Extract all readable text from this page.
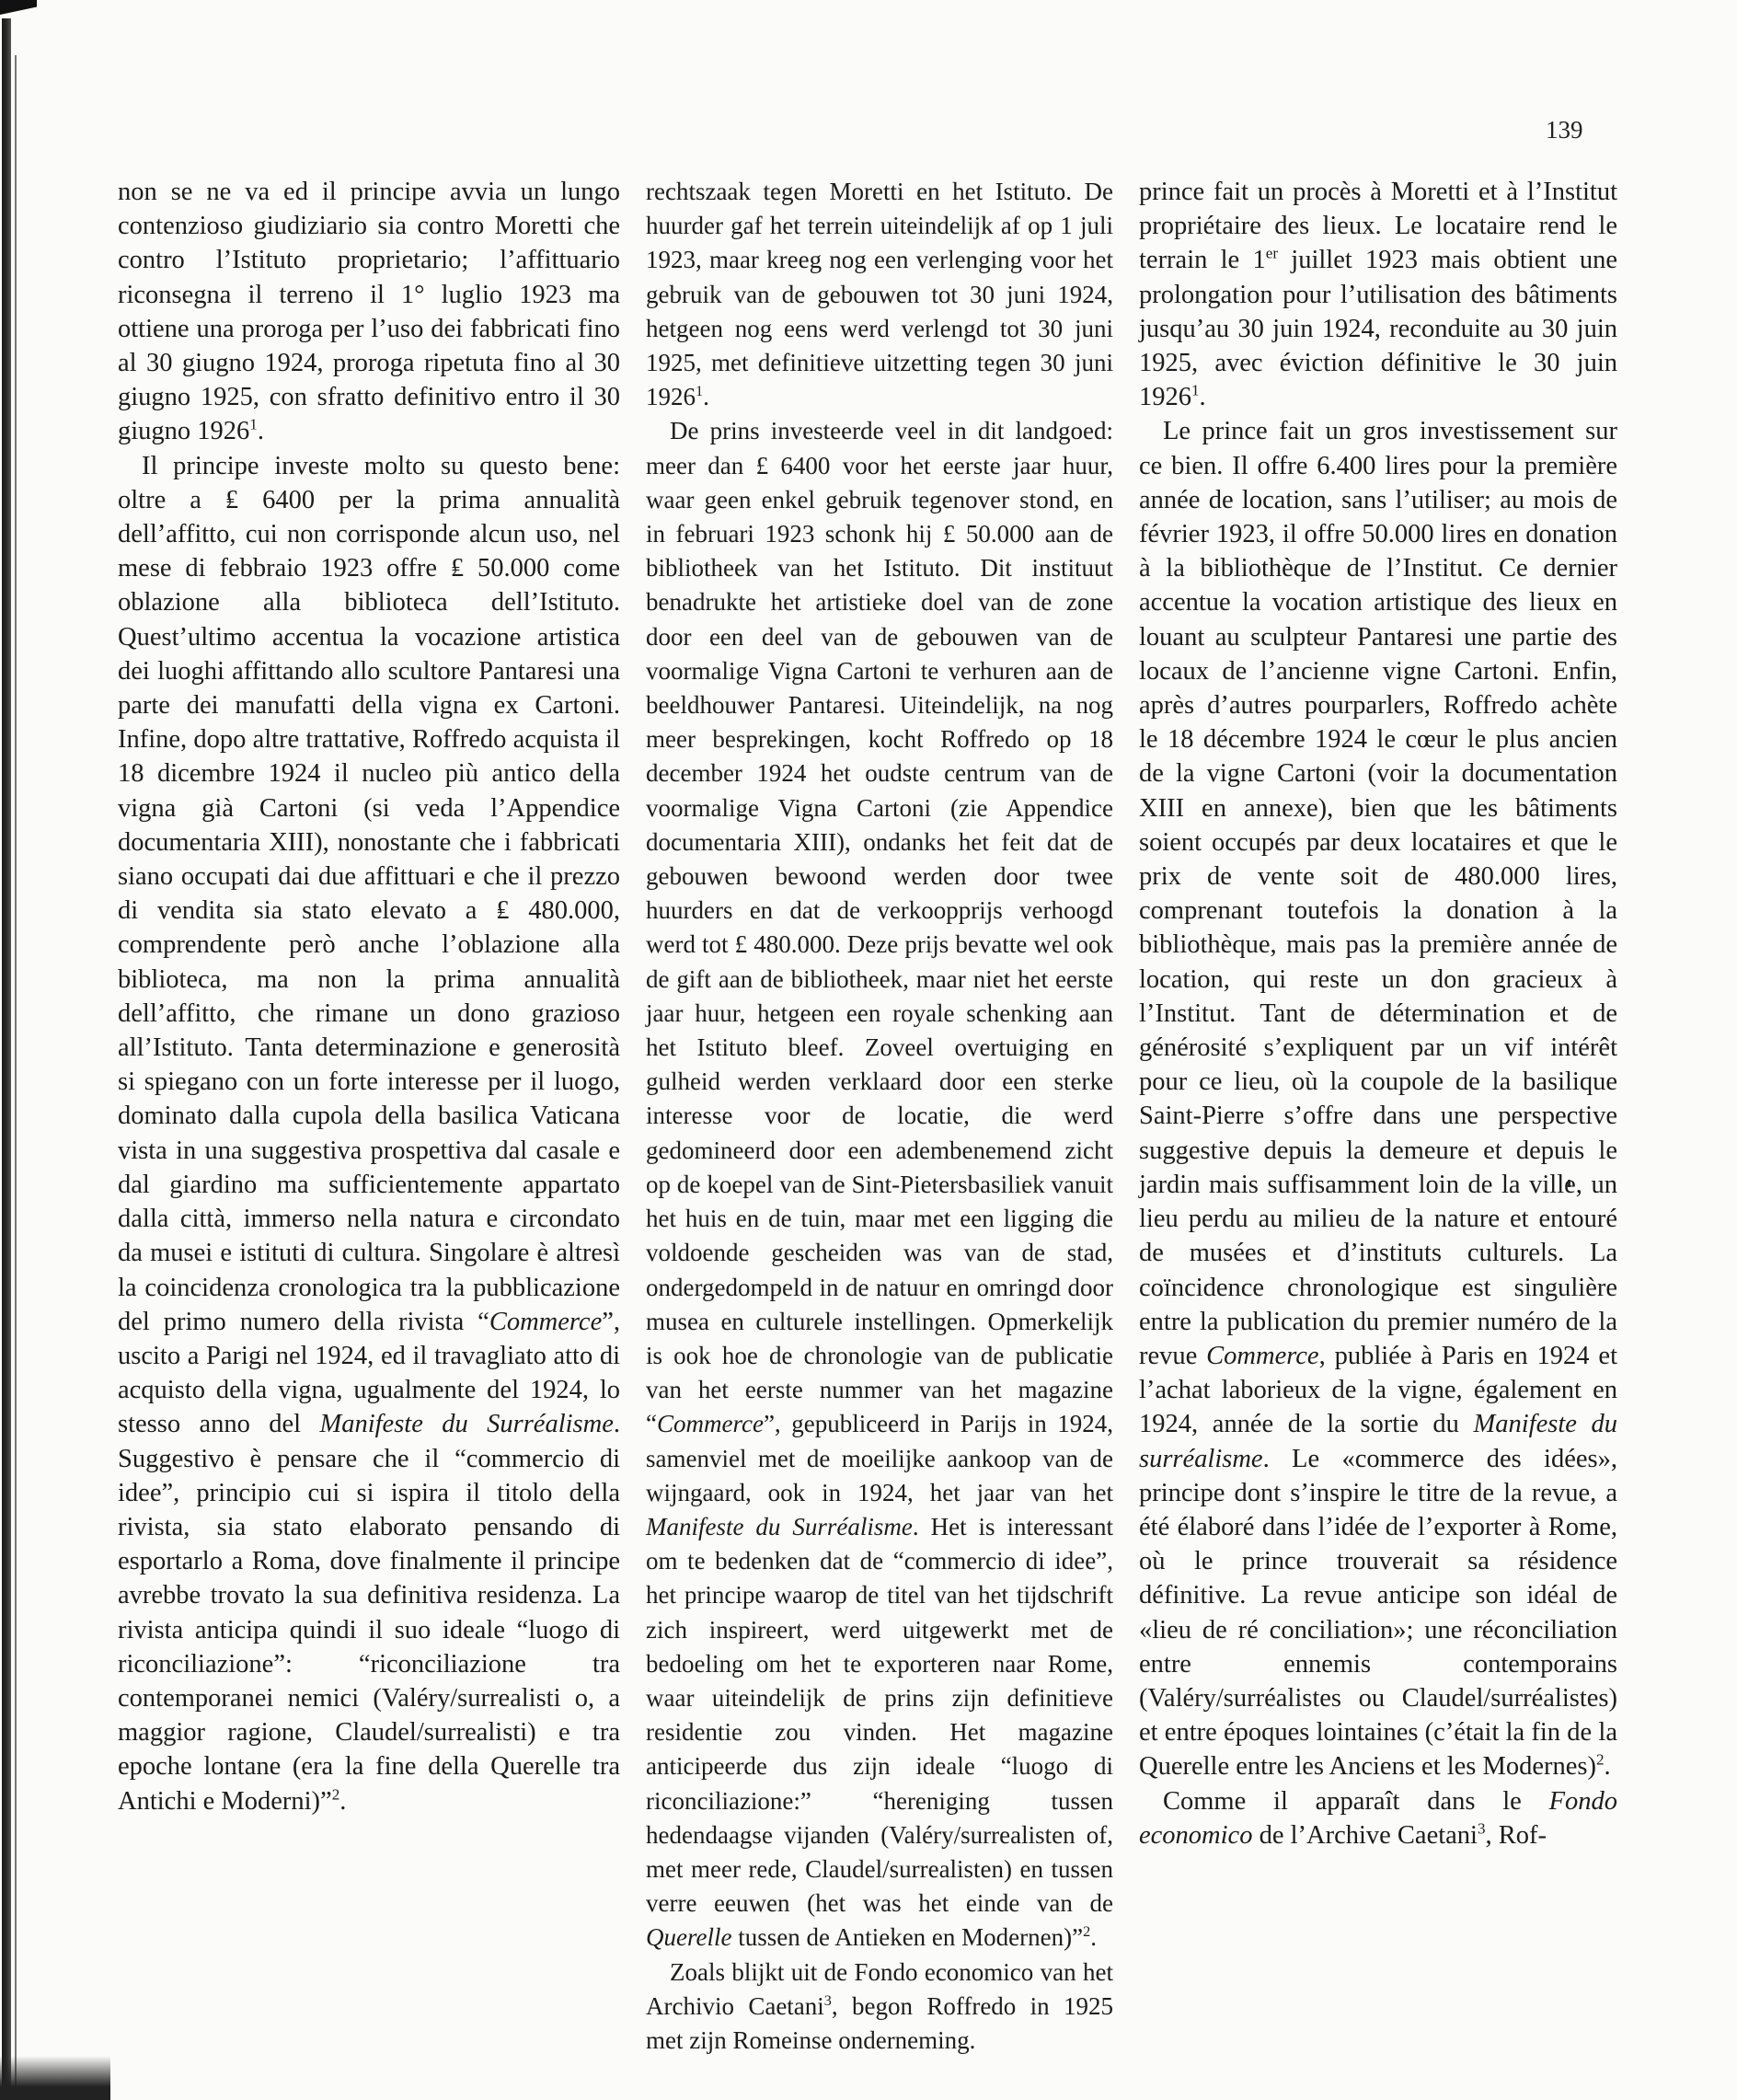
139

non se ne va ed il principe avvia un lungo contenzioso giudiziario sia contro Moretti che contro l’Istituto proprietario; l’affittuario riconsegna il terreno il 1° luglio 1923 ma ottiene una proroga per l’uso dei fabbricati fino al 30 giugno 1924, proroga ripetuta fino al 30 giugno 1925, con sfratto definitivo entro il 30 giugno 1926$^1$.

Il principe investe molto su questo bene: oltre a ₤ 6400 per la prima annualità dell’affitto, cui non corrisponde alcun uso, nel mese di febbraio 1923 offre ₤ 50.000 come oblazione alla biblioteca dell’Istituto. Quest’ultimo accentua la vocazione artistica dei luoghi affittando allo scultore Pantaresi una parte dei manufatti della vigna ex Cartoni. Infine, dopo altre trattative, Roffredo acquista il 18 dicembre 1924 il nucleo più antico della vigna già Cartoni (si veda l’Appendice documentaria XIII), nonostante che i fabbricati siano occupati dai due affittuari e che il prezzo di vendita sia stato elevato a ₤ 480.000, comprendente però anche l’oblazione alla biblioteca, ma non la prima annualità dell’affitto, che rimane un dono grazioso all’Istituto. Tanta determinazione e generosità si spiegano con un forte interesse per il luogo, dominato dalla cupola della basilica Vaticana vista in una suggestiva prospettiva dal casale e dal giardino ma sufficientemente appartato dalla città, immerso nella natura e circondato da musei e istituti di cultura. Singolare è altresì la coincidenza cronologica tra la pubblicazione del primo numero della rivista “Commerce”, uscito a Parigi nel 1924, ed il travagliato atto di acquisto della vigna, ugualmente del 1924, lo stesso anno del Manifeste du Surréalisme. Suggestivo è pensare che il “commercio di idee”, principio cui si ispira il titolo della rivista, sia stato elaborato pensando di esportarlo a Roma, dove finalmente il principe avrebbe trovato la sua definitiva residenza. La rivista anticipa quindi il suo ideale “luogo di riconciliazione”: “riconciliazione tra contemporanei nemici (Valéry/surrealisti o, a maggior ragione, Claudel/surrealisti) e tra epoche lontane (era la fine della Querelle tra Antichi e Moderni)”$^2$.

rechtszaak tegen Moretti en het Istituto. De huurder gaf het terrein uiteindelijk af op 1 juli 1923, maar kreeg nog een verlenging voor het gebruik van de gebouwen tot 30 juni 1924, hetgeen nog eens werd verlengd tot 30 juni 1925, met definitieve uitzetting tegen 30 juni 1926$^1$.

De prins investeerde veel in dit landgoed: meer dan £ 6400 voor het eerste jaar huur, waar geen enkel gebruik tegenover stond, en in februari 1923 schonk hij £ 50.000 aan de bibliotheek van het Istituto. Dit instituut benadrukte het artistieke doel van de zone door een deel van de gebouwen van de voormalige Vigna Cartoni te verhuren aan de beeldhouwer Pantaresi. Uiteindelijk, na nog meer besprekingen, kocht Roffredo op 18 december 1924 het oudste centrum van de voormalige Vigna Cartoni (zie Appendice documentaria XIII), ondanks het feit dat de gebouwen bewoond werden door twee huurders en dat de verkoopprijs verhoogd werd tot £ 480.000. Deze prijs bevatte wel ook de gift aan de bibliotheek, maar niet het eerste jaar huur, hetgeen een royale schenking aan het Istituto bleef. Zoveel overtuiging en gulheid werden verklaard door een sterke interesse voor de locatie, die werd gedomineerd door een adembenemend zicht op de koepel van de Sint-Pietersbasiliek vanuit het huis en de tuin, maar met een ligging die voldoende gescheiden was van de stad, ondergedompeld in de natuur en omringd door musea en culturele instellingen. Opmerkelijk is ook hoe de chronologie van de publicatie van het eerste nummer van het magazine “Commerce”, gepubliceerd in Parijs in 1924, samenviel met de moeilijke aankoop van de wijngaard, ook in 1924, het jaar van het Manifeste du Surréalisme. Het is interessant om te bedenken dat de “commercio di idee”, het principe waarop de titel van het tijdschrift zich inspireert, werd uitgewerkt met de bedoeling om het te exporteren naar Rome, waar uiteindelijk de prins zijn definitieve residentie zou vinden. Het magazine anticipeerde dus zijn ideale “luogo di riconciliazione:” “hereniging tussen hedendaagse vijanden (Valéry/surrealisten of, met meer rede, Claudel/surrealisten) en tussen verre eeuwen (het was het einde van de Querelle tussen de Antieken en Modernen)”$^2$.

Zoals blijkt uit de Fondo economico van het Archivio Caetani$^3$, begon Roffredo in 1925 met zijn Romeinse onderneming.

prince fait un procès à Moretti et à l’Institut propriétaire des lieux. Le locataire rend le terrain le 1er juillet 1923 mais obtient une prolongation pour l’utilisation des bâtiments jusqu’au 30 juin 1924, reconduite au 30 juin 1925, avec éviction définitive le 30 juin 1926$^1$.

Le prince fait un gros investissement sur ce bien. Il offre 6.400 lires pour la première année de location, sans l’utiliser; au mois de février 1923, il offre 50.000 lires en donation à la bibliothèque de l’Institut. Ce dernier accentue la vocation artistique des lieux en louant au sculpteur Pantaresi une partie des locaux de l’ancienne vigne Cartoni. Enfin, après d’autres pourparlers, Roffredo achète le 18 décembre 1924 le cœur le plus ancien de la vigne Cartoni (voir la documentation XIII en annexe), bien que les bâtiments soient occupés par deux locataires et que le prix de vente soit de 480.000 lires, comprenant toutefois la donation à la bibliothèque, mais pas la première année de location, qui reste un don gracieux à l’Institut. Tant de détermination et de générosité s’expliquent par un vif intérêt pour ce lieu, où la coupole de la basilique Saint-Pierre s’offre dans une perspective suggestive depuis la demeure et depuis le jardin mais suffisamment loin de la ville, un lieu perdu au milieu de la nature et entouré de musées et d’instituts culturels. La coïncidence chronologique est singulière entre la publication du premier numéro de la revue Commerce, publiée à Paris en 1924 et l’achat laborieux de la vigne, également en 1924, année de la sortie du Manifeste du surréalisme. Le «commerce des idées», principe dont s’inspire le titre de la revue, a été élaboré dans l’idée de l’exporter à Rome, où le prince trouverait sa résidence définitive. La revue anticipe son idéal de «lieu de ré conciliation»; une réconciliation entre ennemis contemporains (Valéry/surréalistes ou Claudel/surréalistes) et entre époques lointaines (c’était la fin de la Querelle entre les Anciens et les Modernes)$^2$.

Comme il apparaît dans le Fondo economico de l’Archive Caetani$^3$, Rof-
